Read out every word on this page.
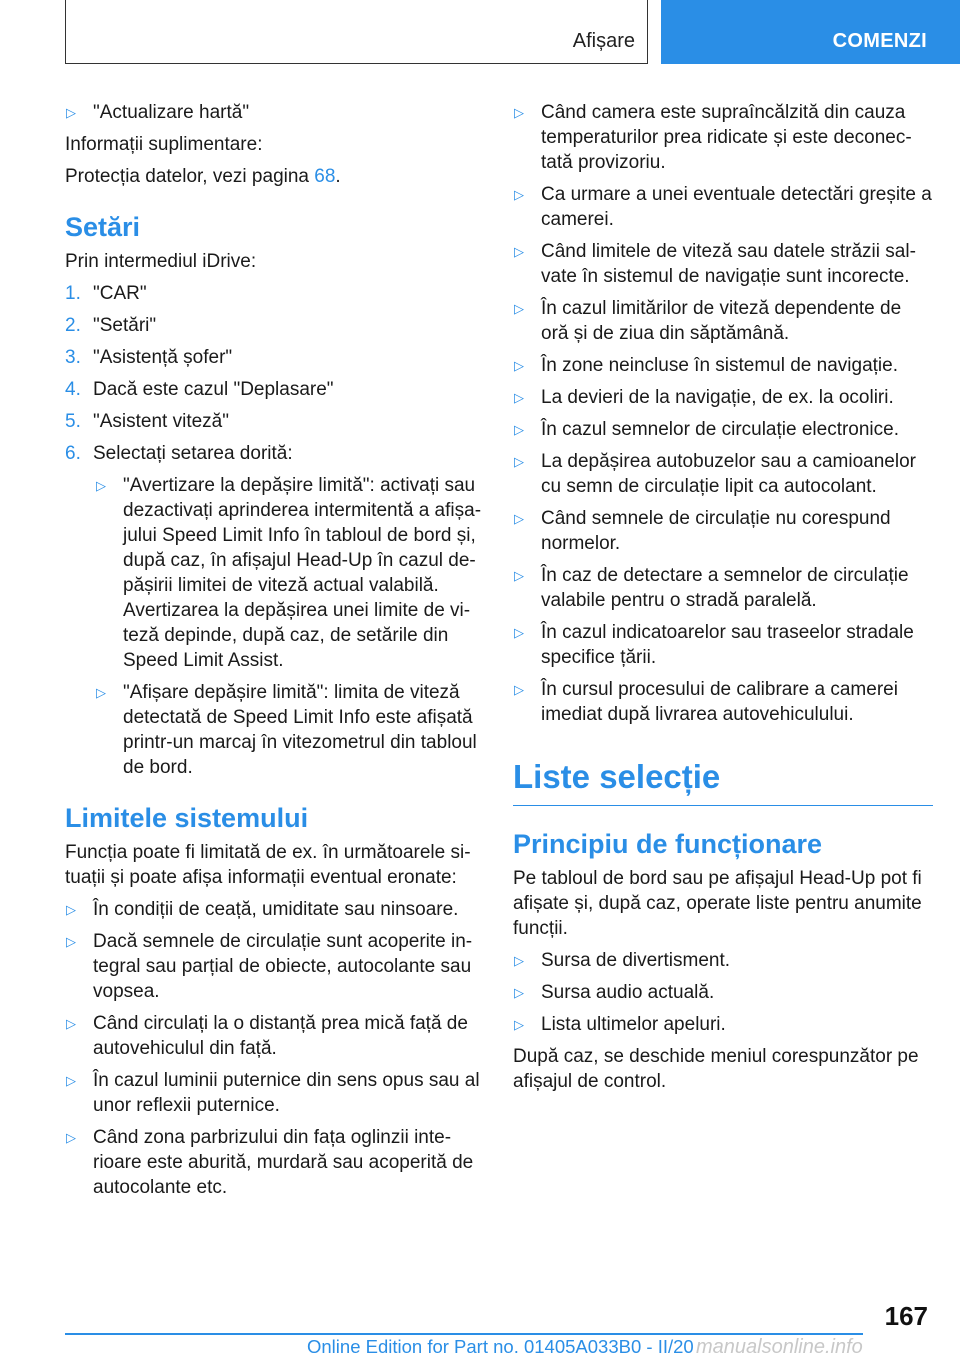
Afișare	COMENZI
▷ "Actualizare hartă"

Informații suplimentare:

Protecția datelor, vezi pagina 68.

Setări

Prin intermediul iDrive:

1. "CAR"
2. "Setări"
3. "Asistență șofer"
4. Dacă este cazul "Deplasare"
5. "Asistent viteză"
6. Selectați setarea dorită:
▷ "Avertizare la depășire limită": activați sau dezactivați aprinderea intermitentă a afișa- jului Speed Limit Info în tabloul de bord și, după caz, în afișajul Head-Up în cazul de- pășirii limitei de viteză actual valabilă. Avertizarea la depășirea unei limite de vi- teză depinde, după caz, de setările din Speed Limit Assist.
▷ "Afișare depășire limită": limita de viteză detectată de Speed Limit Info este afișată printr-un marcaj în vitezometrul din tabloul de bord.
Limitele sistemului

Funcția poate fi limitată de ex. în următoarele si- tuații și poate afișa informații eventual eronate:

▷ În condiții de ceață, umiditate sau ninsoare.
▷ Dacă semnele de circulație sunt acoperite in- tegral sau parțial de obiecte, autocolante sau vopsea.
▷ Când circulați la o distanță prea mică față de autovehiculul din față.
▷ În cazul luminii puternice din sens opus sau al unor reflexii puternice.
▷ Când zona parbrizului din fața oglinzii inte- rioare este aburită, murdară sau acoperită de autocolante etc.
▷ Când camera este supraîncălzită din cauza temperaturilor prea ridicate și este deconec- tată provizoriu.
▷ Ca urmare a unei eventuale detectări greșite a camerei.
▷ Când limitele de viteză sau datele străzii sal- vate în sistemul de navigație sunt incorecte.
▷ În cazul limitărilor de viteză dependente de oră și de ziua din săptămână.
▷ În zone neincluse în sistemul de navigație.
▷ La devieri de la navigație, de ex. la ocoliri.
▷ În cazul semnelor de circulație electronice.
▷ La depășirea autobuzelor sau a camioanelor cu semn de circulație lipit ca autocolant.
▷ Când semnele de circulație nu corespund normelor.
▷ În caz de detectare a semnelor de circulație valabile pentru o stradă paralelă.
▷ În cazul indicatoarelor sau traseelor stradale specifice țării.
▷ În cursul procesului de calibrare a camerei imediat după livrarea autovehiculului.
Liste selecție
Principiu de funcționare

Pe tabloul de bord sau pe afișajul Head-Up pot fi afișate și, după caz, operate liste pentru anumite funcții.

▷ Sursa de divertisment.
▷ Sursa audio actuală.
▷ Lista ultimelor apeluri.

După caz, se deschide meniul corespunzător pe afișajul de control.

167
Online Edition for Part no. 01405A033B0 - II/20 manualsonline.info
